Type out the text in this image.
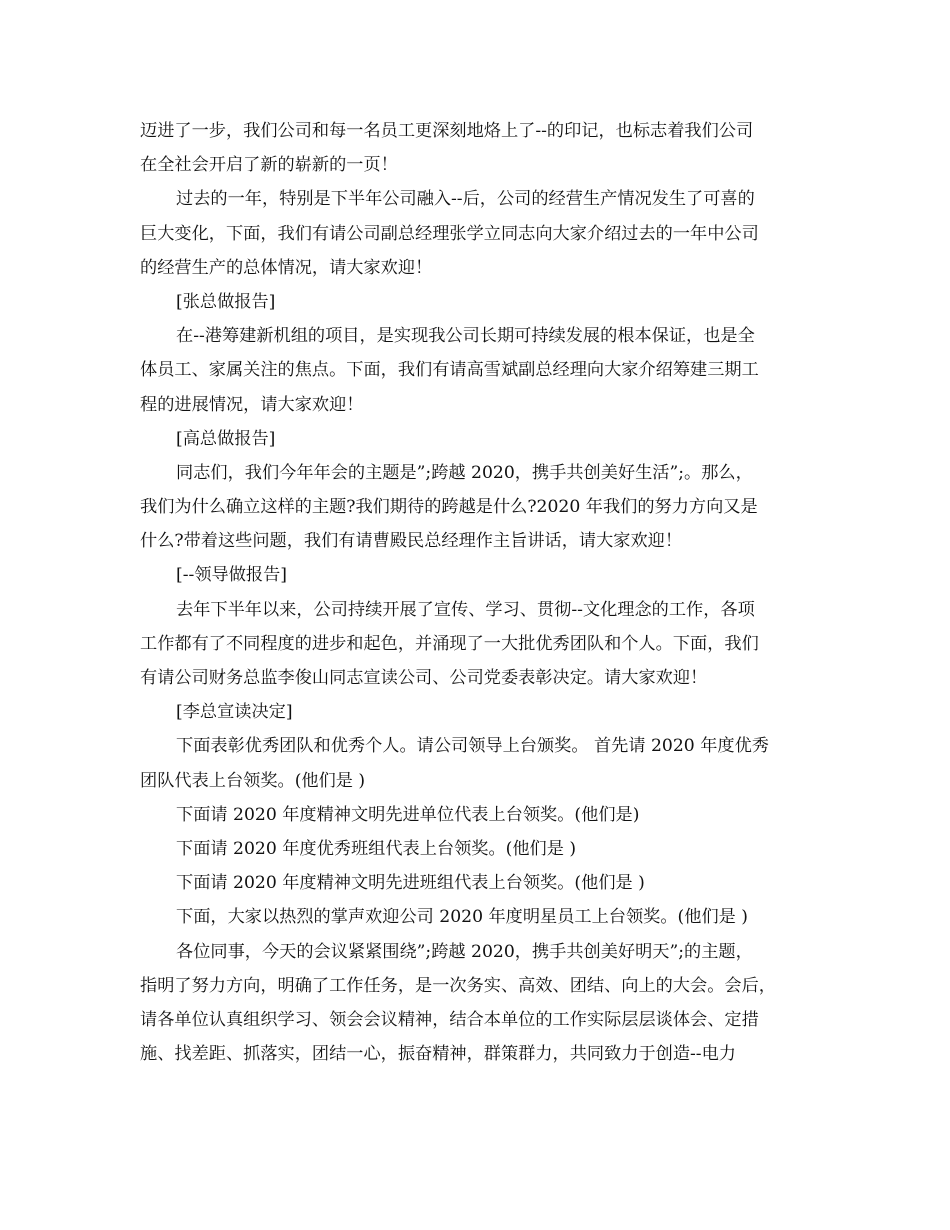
迈进了一步，我们公司和每一名员工更深刻地烙上了--的印记，也标志着我们公司
在全社会开启了新的崭新的一页！
过去的一年，特别是下半年公司融入--后，公司的经营生产情况发生了可喜的
巨大变化，下面，我们有请公司副总经理张学立同志向大家介绍过去的一年中公司
的经营生产的总体情况，请大家欢迎！
[张总做报告]
在--港筹建新机组的项目，是实现我公司长期可持续发展的根本保证，也是全
体员工、家属关注的焦点。下面，我们有请高雪斌副总经理向大家介绍筹建三期工
程的进展情况，请大家欢迎！
[高总做报告]
同志们，我们今年年会的主题是”;跨越 2020，携手共创美好生活”;。那么，
我们为什么确立这样的主题?我们期待的跨越是什么?2020 年我们的努力方向又是
什么?带着这些问题，我们有请曹殿民总经理作主旨讲话，请大家欢迎！
[--领导做报告]
去年下半年以来，公司持续开展了宣传、学习、贯彻--文化理念的工作，各项
工作都有了不同程度的进步和起色，并涌现了一大批优秀团队和个人。下面，我们
有请公司财务总监李俊山同志宣读公司、公司党委表彰决定。请大家欢迎！
[李总宣读决定]
下面表彰优秀团队和优秀个人。请公司领导上台颁奖。 首先请 2020 年度优秀
团队代表上台领奖。(他们是 )
下面请 2020 年度精神文明先进单位代表上台领奖。(他们是)
下面请 2020 年度优秀班组代表上台领奖。(他们是 )
下面请 2020 年度精神文明先进班组代表上台领奖。(他们是 )
下面，大家以热烈的掌声欢迎公司 2020 年度明星员工上台领奖。(他们是 )
各位同事，今天的会议紧紧围绕”;跨越 2020，携手共创美好明天”;的主题，
指明了努力方向，明确了工作任务，是一次务实、高效、团结、向上的大会。会后，
请各单位认真组织学习、领会会议精神，结合本单位的工作实际层层谈体会、定措
施、找差距、抓落实，团结一心，振奋精神，群策群力，共同致力于创造--电力
